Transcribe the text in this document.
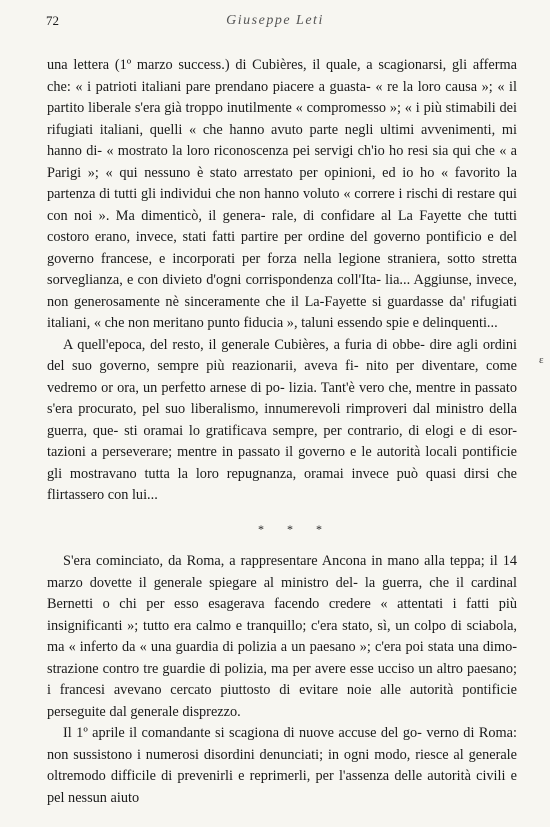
72	Giuseppe Leti

una lettera (1º marzo success.) di Cubières, il quale, a scagionarsi, gli afferma che: « i patrioti italiani pare prendano piacere a guasta- « re la loro causa »; « il partito liberale s'era già troppo inutilmente « compromesso »; « i più stimabili dei rifugiati italiani, quelli « che hanno avuto parte negli ultimi avvenimenti, mi hanno di- « mostrato la loro riconoscenza pei servigi ch'io ho resi sia qui che « a Parigi »; « qui nessuno è stato arrestato per opinioni, ed io ho « favorito la partenza di tutti gli individui che non hanno voluto « correre i rischi di restare qui con noi ». Ma dimenticò, il genera- rale, di confidare al La Fayette che tutti costoro erano, invece, stati fatti partire per ordine del governo pontificio e del governo francese, e incorporati per forza nella legione straniera, sotto stretta sorveglianza, e con divieto d'ogni corrispondenza coll'Ita- lia... Aggiunse, invece, non generosamente nè sinceramente che il La-Fayette si guardasse da' rifugiati italiani, « che non meritano punto fiducia », taluni essendo spie e delinquenti...

A quell'epoca, del resto, il generale Cubières, a furia di obbe- dire agli ordini del suo governo, sempre più reazionarii, aveva fi- nito per diventare, come vedremo or ora, un perfetto arnese di po- lizia. Tant'è vero che, mentre in passato s'era procurato, pel suo liberalismo, innumerevoli rimproveri dal ministro della guerra, que- sti oramai lo gratificava sempre, per contrario, di elogi e di esor- tazioni a perseverare; mentre in passato il governo e le autorità locali pontificie gli mostravano tutta la loro repugnanza, oramai invece può quasi dirsi che flirtassero con lui...

* * *

S'era cominciato, da Roma, a rappresentare Ancona in mano alla teppa; il 14 marzo dovette il generale spiegare al ministro del- la guerra, che il cardinal Bernetti o chi per esso esagerava facendo credere « attentati i fatti più insignificanti »; tutto era calmo e tranquillo; c'era stato, sì, un colpo di sciabola, ma « inferto da « una guardia di polizia a un paesano »; c'era poi stata una dimo- strazione contro tre guardie di polizia, ma per avere esse ucciso un altro paesano; i francesi avevano cercato piuttosto di evitare noie alle autorità pontificie perseguite dal generale disprezzo.

Il 1º aprile il comandante si scagiona di nuove accuse del go- verno di Roma: non sussistono i numerosi disordini denunciati; in ogni modo, riesce al generale oltremodo difficile di prevenirli e reprimerli, per l'assenza delle autorità civili e pel nessun aiuto

ε
